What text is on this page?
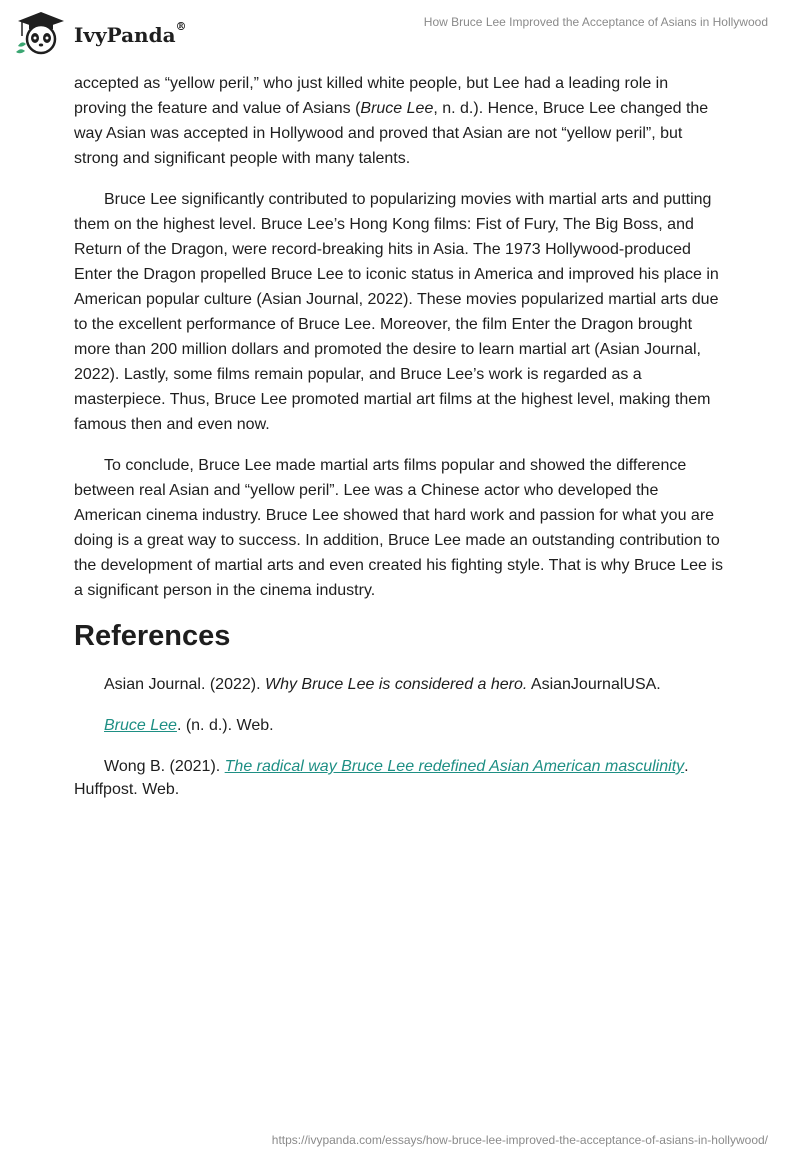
IvyPanda®	How Bruce Lee Improved the Acceptance of Asians in Hollywood

accepted as “yellow peril,” who just killed white people, but Lee had a leading role in proving the feature and value of Asians (Bruce Lee, n. d.). Hence, Bruce Lee changed the way Asian was accepted in Hollywood and proved that Asian are not “yellow peril”, but strong and significant people with many talents.

Bruce Lee significantly contributed to popularizing movies with martial arts and putting them on the highest level. Bruce Lee’s Hong Kong films: Fist of Fury, The Big Boss, and Return of the Dragon, were record-breaking hits in Asia. The 1973 Hollywood-produced Enter the Dragon propelled Bruce Lee to iconic status in America and improved his place in American popular culture (Asian Journal, 2022). These movies popularized martial arts due to the excellent performance of Bruce Lee. Moreover, the film Enter the Dragon brought more than 200 million dollars and promoted the desire to learn martial art (Asian Journal, 2022). Lastly, some films remain popular, and Bruce Lee’s work is regarded as a masterpiece. Thus, Bruce Lee promoted martial art films at the highest level, making them famous then and even now.

To conclude, Bruce Lee made martial arts films popular and showed the difference between real Asian and “yellow peril”. Lee was a Chinese actor who developed the American cinema industry. Bruce Lee showed that hard work and passion for what you are doing is a great way to success. In addition, Bruce Lee made an outstanding contribution to the development of martial arts and even created his fighting style. That is why Bruce Lee is a significant person in the cinema industry.

References
Asian Journal. (2022). Why Bruce Lee is considered a hero. AsianJournalUSA.
Bruce Lee. (n. d.). Web.
Wong B. (2021). The radical way Bruce Lee redefined Asian American masculinity. Huffpost. Web.
https://ivypanda.com/essays/how-bruce-lee-improved-the-acceptance-of-asians-in-hollywood/
